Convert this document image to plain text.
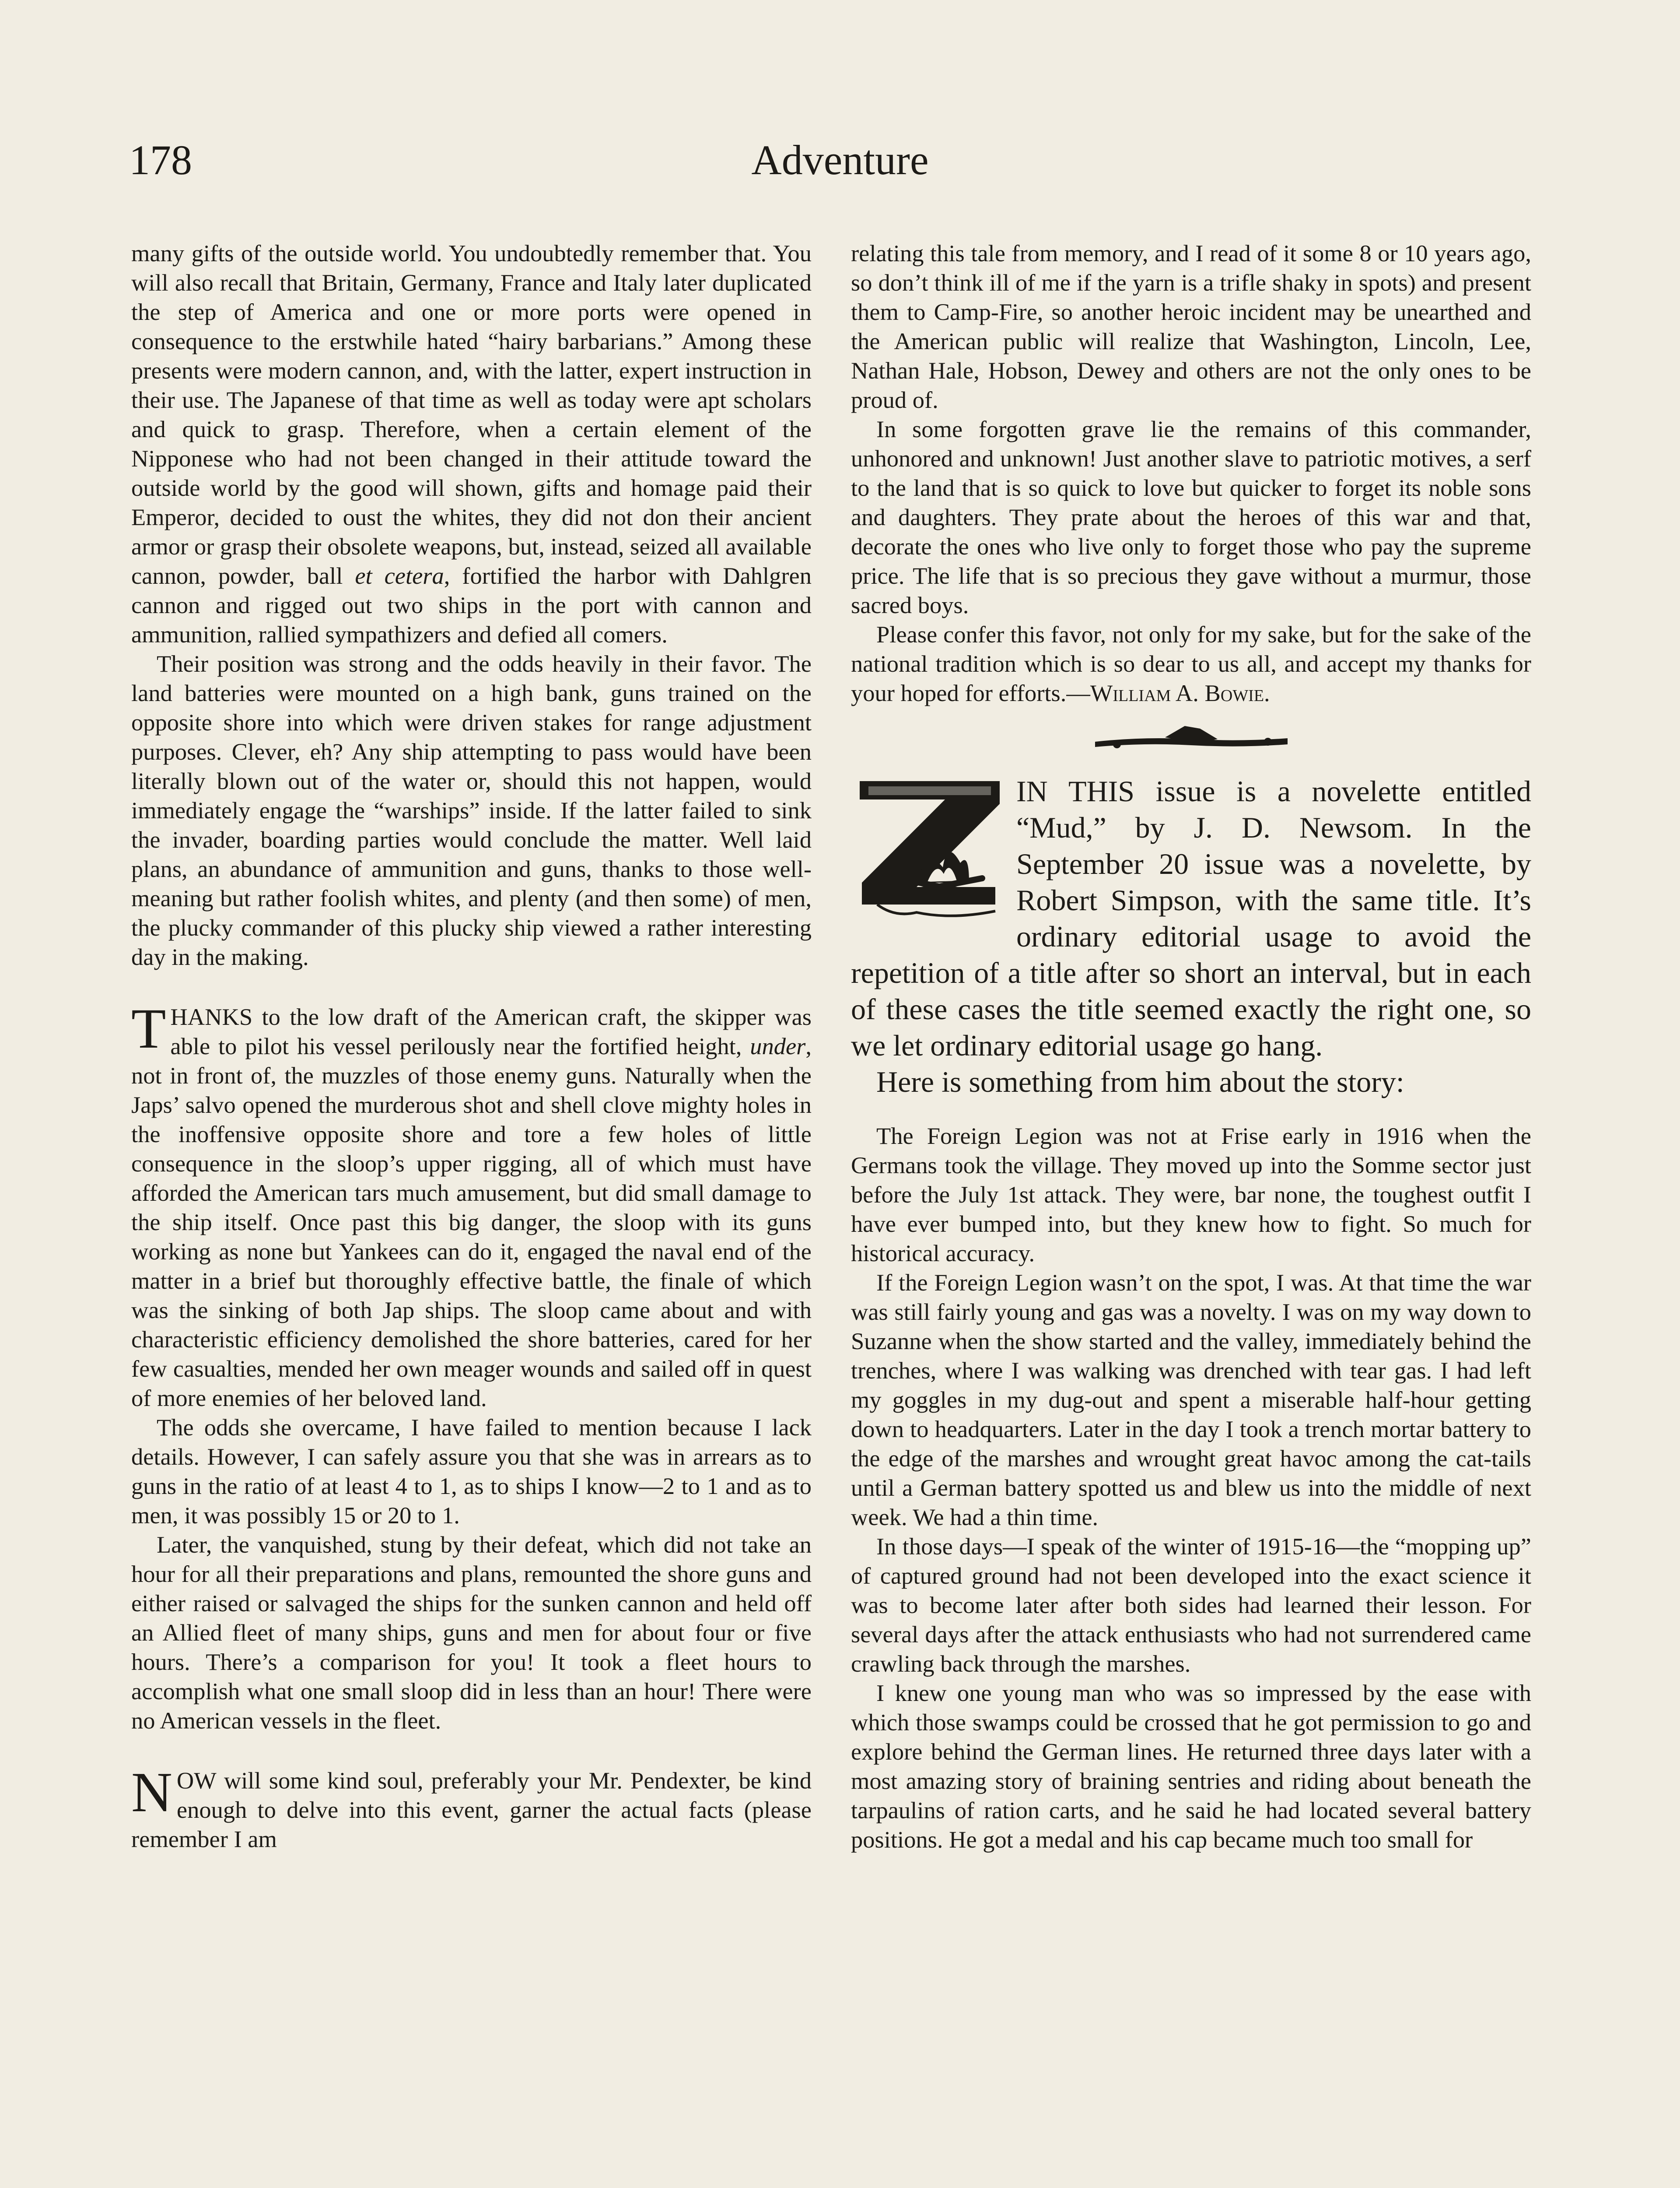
178	Adventure

many gifts of the outside world. You undoubtedly remember that. You will also recall that Britain, Germany, France and Italy later duplicated the step of America and one or more ports were opened in consequence to the erstwhile hated “hairy barbarians.” Among these presents were modern cannon, and, with the latter, expert instruction in their use. The Japanese of that time as well as today were apt scholars and quick to grasp. Therefore, when a certain element of the Nipponese who had not been changed in their attitude toward the outside world by the good will shown, gifts and homage paid their Emperor, decided to oust the whites, they did not don their ancient armor or grasp their obsolete weapons, but, instead, seized all available cannon, powder, ball et cetera, fortified the harbor with Dahlgren cannon and rigged out two ships in the port with cannon and ammunition, rallied sympathizers and defied all comers.

Their position was strong and the odds heavily in their favor. The land batteries were mounted on a high bank, guns trained on the opposite shore into which were driven stakes for range adjustment purposes. Clever, eh? Any ship attempting to pass would have been literally blown out of the water or, should this not happen, would immediately engage the “warships” inside. If the latter failed to sink the invader, boarding parties would conclude the matter. Well laid plans, an abundance of ammunition and guns, thanks to those well-meaning but rather foolish whites, and plenty (and then some) of men, the plucky commander of this plucky ship viewed a rather interesting day in the making.

THANKS to the low draft of the American craft, the skipper was able to pilot his vessel perilously near the fortified height, under, not in front of, the muzzles of those enemy guns. Naturally when the Japs’ salvo opened the murderous shot and shell clove mighty holes in the inoffensive opposite shore and tore a few holes of little consequence in the sloop’s upper rigging, all of which must have afforded the American tars much amusement, but did small damage to the ship itself. Once past this big danger, the sloop with its guns working as none but Yankees can do it, engaged the naval end of the matter in a brief but thoroughly effective battle, the finale of which was the sinking of both Jap ships. The sloop came about and with characteristic efficiency demolished the shore batteries, cared for her few casualties, mended her own meager wounds and sailed off in quest of more enemies of her beloved land.

The odds she overcame, I have failed to mention because I lack details. However, I can safely assure you that she was in arrears as to guns in the ratio of at least 4 to 1, as to ships I know—2 to 1 and as to men, it was possibly 15 or 20 to 1.

Later, the vanquished, stung by their defeat, which did not take an hour for all their preparations and plans, remounted the shore guns and either raised or salvaged the ships for the sunken cannon and held off an Allied fleet of many ships, guns and men for about four or five hours. There’s a comparison for you! It took a fleet hours to accomplish what one small sloop did in less than an hour! There were no American vessels in the fleet.

NOW will some kind soul, preferably your Mr. Pendexter, be kind enough to delve into this event, garner the actual facts (please remember I am

relating this tale from memory, and I read of it some 8 or 10 years ago, so don’t think ill of me if the yarn is a trifle shaky in spots) and present them to Camp-Fire, so another heroic incident may be unearthed and the American public will realize that Washington, Lincoln, Lee, Nathan Hale, Hobson, Dewey and others are not the only ones to be proud of.

In some forgotten grave lie the remains of this commander, unhonored and unknown! Just another slave to patriotic motives, a serf to the land that is so quick to love but quicker to forget its noble sons and daughters. They prate about the heroes of this war and that, decorate the ones who live only to forget those who pay the supreme price. The life that is so precious they gave without a murmur, those sacred boys.

Please confer this favor, not only for my sake, but for the sake of the national tradition which is so dear to us all, and accept my thanks for your hoped for efforts.—William A. Bowie.

IN THIS issue is a novelette entitled “Mud,” by J. D. Newsom. In the September 20 issue was a novelette, by Robert Simpson, with the same title. It’s ordinary editorial usage to avoid the repetition of a title after so short an interval, but in each of these cases the title seemed exactly the right one, so we let ordinary editorial usage go hang.

Here is something from him about the story:

The Foreign Legion was not at Frise early in 1916 when the Germans took the village. They moved up into the Somme sector just before the July 1st attack. They were, bar none, the toughest outfit I have ever bumped into, but they knew how to fight. So much for historical accuracy.

If the Foreign Legion wasn’t on the spot, I was. At that time the war was still fairly young and gas was a novelty. I was on my way down to Suzanne when the show started and the valley, immediately behind the trenches, where I was walking was drenched with tear gas. I had left my goggles in my dug-out and spent a miserable half-hour getting down to headquarters. Later in the day I took a trench mortar battery to the edge of the marshes and wrought great havoc among the cat-tails until a German battery spotted us and blew us into the middle of next week. We had a thin time.

In those days—I speak of the winter of 1915-16—the “mopping up” of captured ground had not been developed into the exact science it was to become later after both sides had learned their lesson. For several days after the attack enthusiasts who had not surrendered came crawling back through the marshes.

I knew one young man who was so impressed by the ease with which those swamps could be crossed that he got permission to go and explore behind the German lines. He returned three days later with a most amazing story of braining sentries and riding about beneath the tarpaulins of ration carts, and he said he had located several battery positions. He got a medal and his cap became much too small for
